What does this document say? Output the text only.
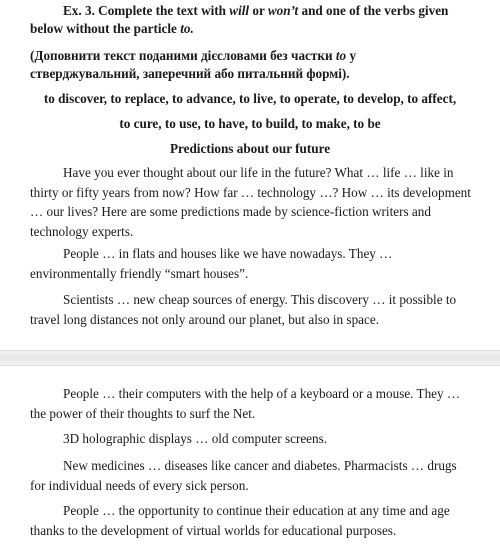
Ex. 3. Complete the text with will or won’t and one of the verbs given

below without the particle to.

(Доповнити текст поданими дієсловами без частки to у

стверджувальний, заперечний або питальний формі).

to discover, to replace, to advance, to live, to operate, to develop, to affect,

to cure, to use, to have, to build, to make, to be

Predictions about our future

Have you ever thought about our life in the future? What … life … like in thirty or fifty years from now? How far … technology …? How … its development … our lives? Here are some predictions made by science-fiction writers and technology experts.

People … in flats and houses like we have nowadays. They … environmentally friendly “smart houses”.

Scientists … new cheap sources of energy. This discovery … it possible to travel long distances not only around our planet, but also in space.

People … their computers with the help of a keyboard or a mouse. They … the power of their thoughts to surf the Net.

3D holographic displays … old computer screens.

New medicines … diseases like cancer and diabetes. Pharmacists … drugs for individual needs of every sick person.

People … the opportunity to continue their education at any time and age thanks to the development of virtual worlds for educational purposes.
